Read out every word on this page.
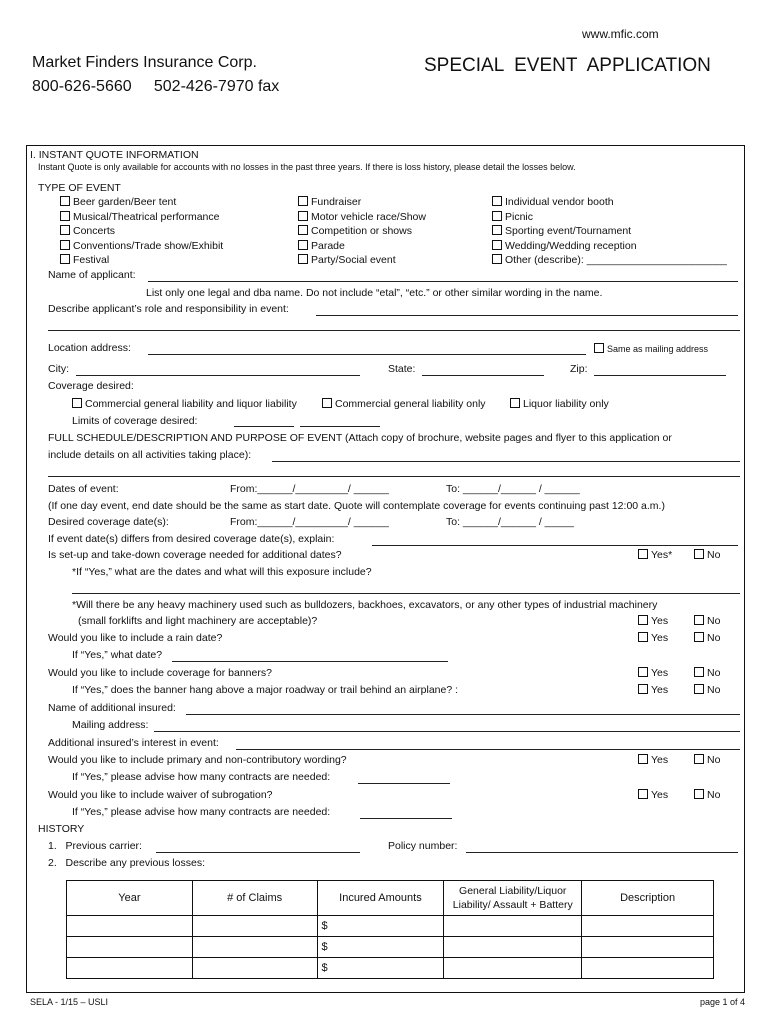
www.mfic.com
Market Finders Insurance Corp.
800-626-5660     502-426-7970 fax
SPECIAL  EVENT  APPLICATION
I. INSTANT QUOTE INFORMATION
Instant Quote is only available for accounts with no losses in the past three years. If there is loss history, please detail the losses below.
TYPE OF EVENT
Beer garden/Beer tent
Musical/Theatrical performance
Concerts
Conventions/Trade show/Exhibit
Festival
Fundraiser
Motor vehicle race/Show
Competition or shows
Parade
Party/Social event
Individual vendor booth
Picnic
Sporting event/Tournament
Wedding/Wedding reception
Other (describe): ________________________
Name of applicant:
List only one legal and dba name. Do not include “etal”, “etc.” or other similar wording in the name.
Describe applicant’s role and responsibility in event:
Location address:	Same as mailing address
City:	State:	Zip:
Coverage desired:
Commercial general liability and liquor liability	Commercial general liability only	Liquor liability only
Limits of coverage desired:
FULL SCHEDULE/DESCRIPTION AND PURPOSE OF EVENT (Attach copy of brochure, website pages and flyer to this application or
include details on all activities taking place):
Dates of event:	From:______/_________/ ______	To: ______/______ / ______
(If one day event, end date should be the same as start date. Quote will contemplate coverage for events continuing past 12:00 a.m.)
Desired coverage date(s):	From:______/_________/ ______	To: ______/______ / _____
If event date(s) differs from desired coverage date(s), explain:
Is set-up and take-down coverage needed for additional dates?	Yes*	No
*If “Yes,” what are the dates and what will this exposure include?
*Will there be any heavy machinery used such as bulldozers, backhoes, excavators, or any other types of industrial machinery
(small forklifts and light machinery are acceptable)?	Yes	No
Would you like to include a rain date?	Yes	No
If “Yes,” what date?
Would you like to include coverage for banners?	Yes	No
If “Yes,” does the banner hang above a major roadway or trail behind an airplane? :	Yes	No
Name of additional insured:
Mailing address:
Additional insured’s interest in event:
Would you like to include primary and non-contributory wording?	Yes	No
If “Yes,” please advise how many contracts are needed:
Would you like to include waiver of subrogation?	Yes	No
If “Yes,” please advise how many contracts are needed:
HISTORY
1.   Previous carrier:	Policy number:
2.   Describe any previous losses:
Year	# of Claims	Incured Amounts	General Liability/Liquor Liability/ Assault + Battery	Description
		$		
		$		
		$		
SELA - 1/15 – USLI	page 1 of 4
